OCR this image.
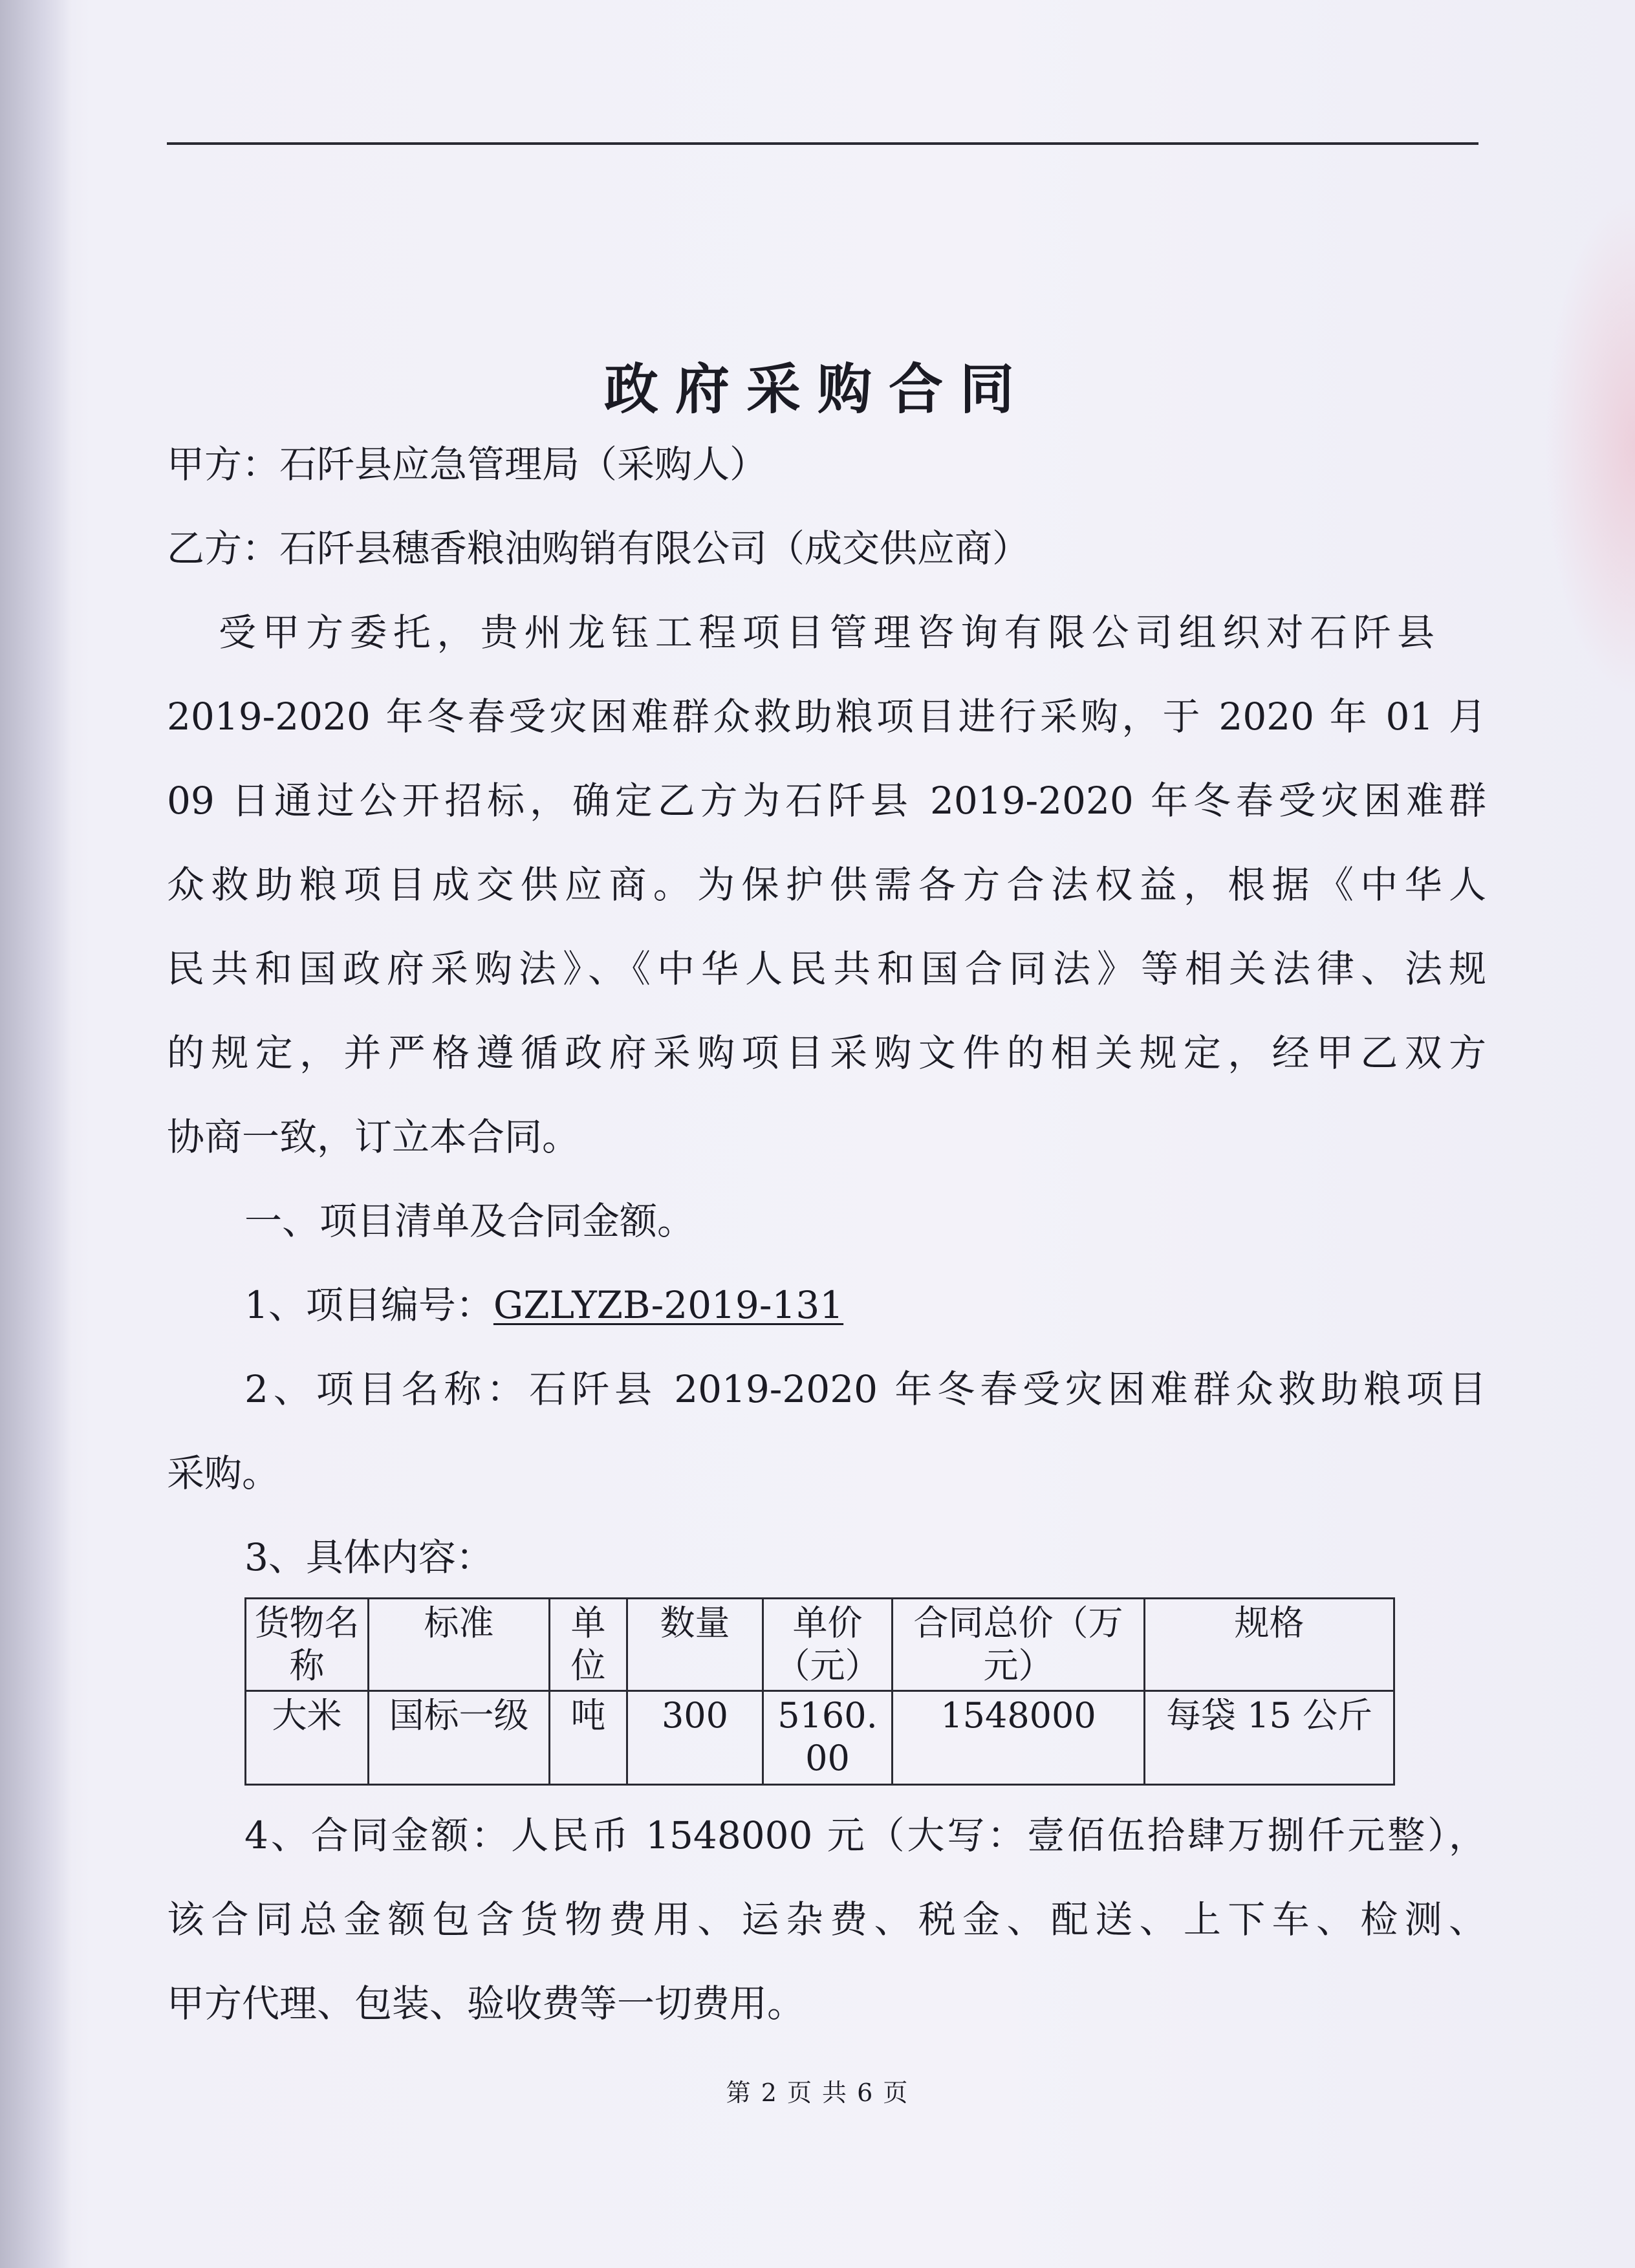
政府采购合同
甲方：石阡县应急管理局（采购人）
乙方：石阡县穗香粮油购销有限公司（成交供应商）
受甲方委托，贵州龙钰工程项目管理咨询有限公司组织对石阡县
2019-2020 年冬春受灾困难群众救助粮项目进行采购，于 2020 年 01 月
09 日通过公开招标，确定乙方为石阡县 2019-2020 年冬春受灾困难群
众救助粮项目成交供应商。为保护供需各方合法权益，根据《中华人
民共和国政府采购法》、《中华人民共和国合同法》等相关法律、法规
的规定，并严格遵循政府采购项目采购文件的相关规定，经甲乙双方
协商一致，订立本合同。
一、项目清单及合同金额。
1、项目编号：GZLYZB-2019-131
2、项目名称：石阡县 2019-2020 年冬春受灾困难群众救助粮项目
采购。
3、具体内容：
货物名称	标准	单位	数量	单价（元）	合同总价（万元）	规格
大米	国标一级	吨	300	5160.00	1548000	每袋 15 公斤
4、合同金额：人民币 1548000 元（大写：壹佰伍拾肆万捌仟元整），
该合同总金额包含货物费用、运杂费、税金、配送、上下车、检测、
甲方代理、包装、验收费等一切费用。
第 2 页 共 6 页
